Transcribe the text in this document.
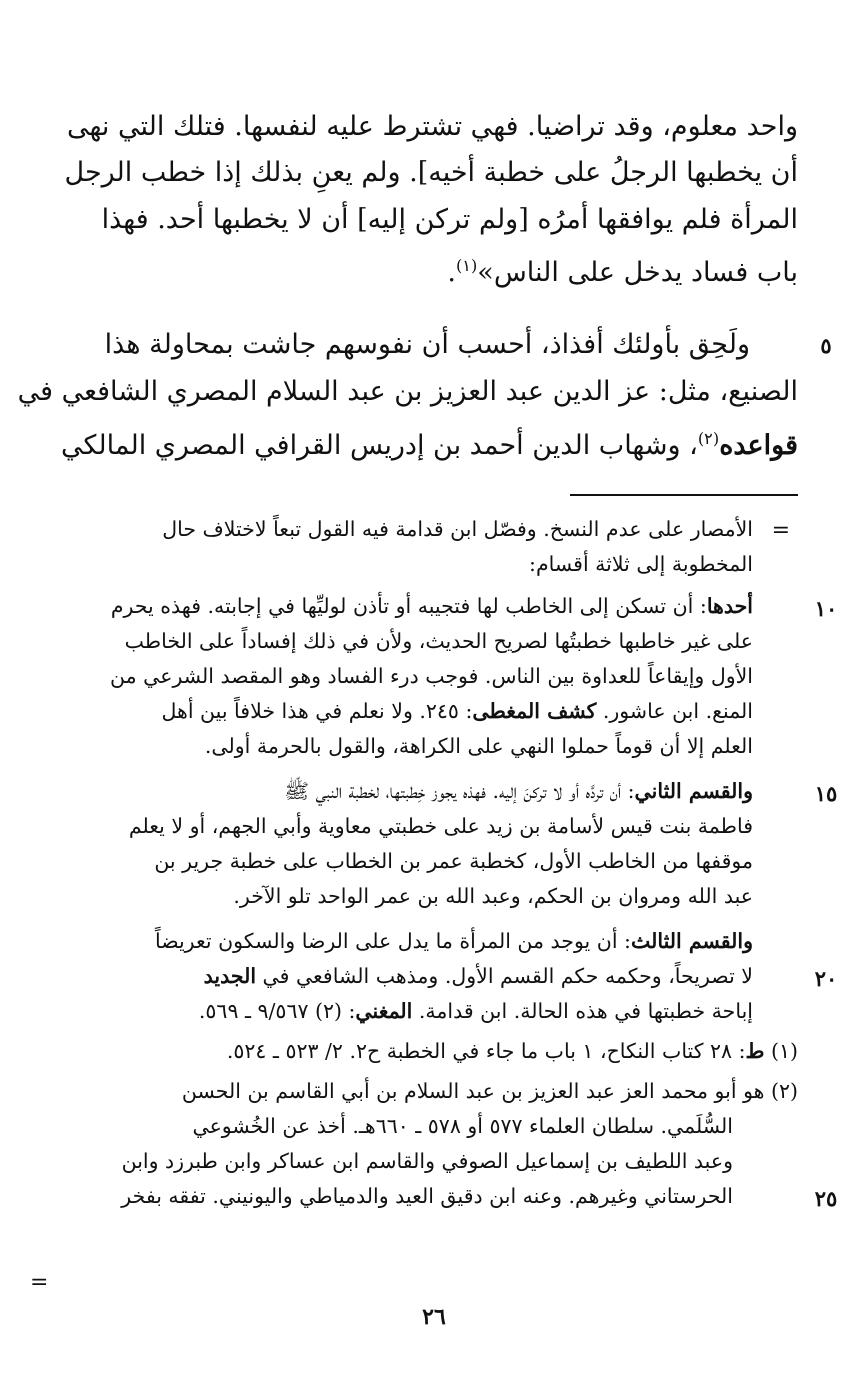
واحد معلوم، وقد تراضيا. فهي تشترط عليه لنفسها. فتلك التي نهى
أن يخطبها الرجلُ على خطبة أخيه]. ولم يعنِ بذلك إذا خطب الرجل
المرأة فلم يوافقها أمرُه [ولم تركن إليه] أن لا يخطبها أحد. فهذا
باب فساد يدخل على الناس»$^{(١)}$.
ولَحِق بأولئك أفذاذ، أحسب أن نفوسهم جاشت بمحاولة هذا
الصنيع، مثل: عز الدين عبد العزيز بن عبد السلام المصري الشافعي في
قواعده$^{(٢)}$، وشهاب الدين أحمد بن إدريس القرافي المصري المالكي
=
الأمصار على عدم النسخ. وفصّل ابن قدامة فيه القول تبعاً لاختلاف حال
المخطوبة إلى ثلاثة أقسام:
أحدها: أن تسكن إلى الخاطب لها فتجيبه أو تأذن لوليِّها في إجابته. فهذه يحرم
على غير خاطبها خطبتُها لصريح الحديث، ولأن في ذلك إفساداً على الخاطب
الأول وإيقاعاً للعداوة بين الناس. فوجب درء الفساد وهو المقصد الشرعي من
المنع. ابن عاشور. كشف المغطى: ٢٤٥. ولا نعلم في هذا خلافاً بين أهل
العلم إلا أن قوماً حملوا النهي على الكراهة، والقول بالحرمة أولى.
والقسم الثاني: أن تردَّه أو لا تركنَ إليه. فهذه يجوز خِطبتها، لخطبة النبي ﷺ
فاطمة بنت قيس لأسامة بن زيد على خطبتي معاوية وأبي الجهم، أو لا يعلم
موقفها من الخاطب الأول، كخطبة عمر بن الخطاب على خطبة جرير بن
عبد الله ومروان بن الحكم، وعبد الله بن عمر الواحد تلو الآخر.
والقسم الثالث: أن يوجد من المرأة ما يدل على الرضا والسكون تعريضاً
لا تصريحاً، وحكمه حكم القسم الأول. ومذهب الشافعي في الجديد
إباحة خطبتها في هذه الحالة. ابن قدامة. المغني: (٢) ٩/٥٦٧ ـ ٥٦٩.
(١) ط: ٢٨ كتاب النكاح، ١ باب ما جاء في الخطبة ح٢. ٢/ ٥٢٣ ـ ٥٢٤.
(٢) هو أبو محمد العز عبد العزيز بن عبد السلام بن أبي القاسم بن الحسن
السُّلَمي. سلطان العلماء ٥٧٧ أو ٥٧٨ ـ ٦٦٠هـ. أخذ عن الخُشوعي
وعبد اللطيف بن إسماعيل الصوفي والقاسم ابن عساكر وابن طبرزد وابن
الحرستاني وغيرهم. وعنه ابن دقيق العيد والدمياطي واليونيني. تفقه بفخر
=
٥
١٠
١٥
٢٠
٢٥
٢٦
